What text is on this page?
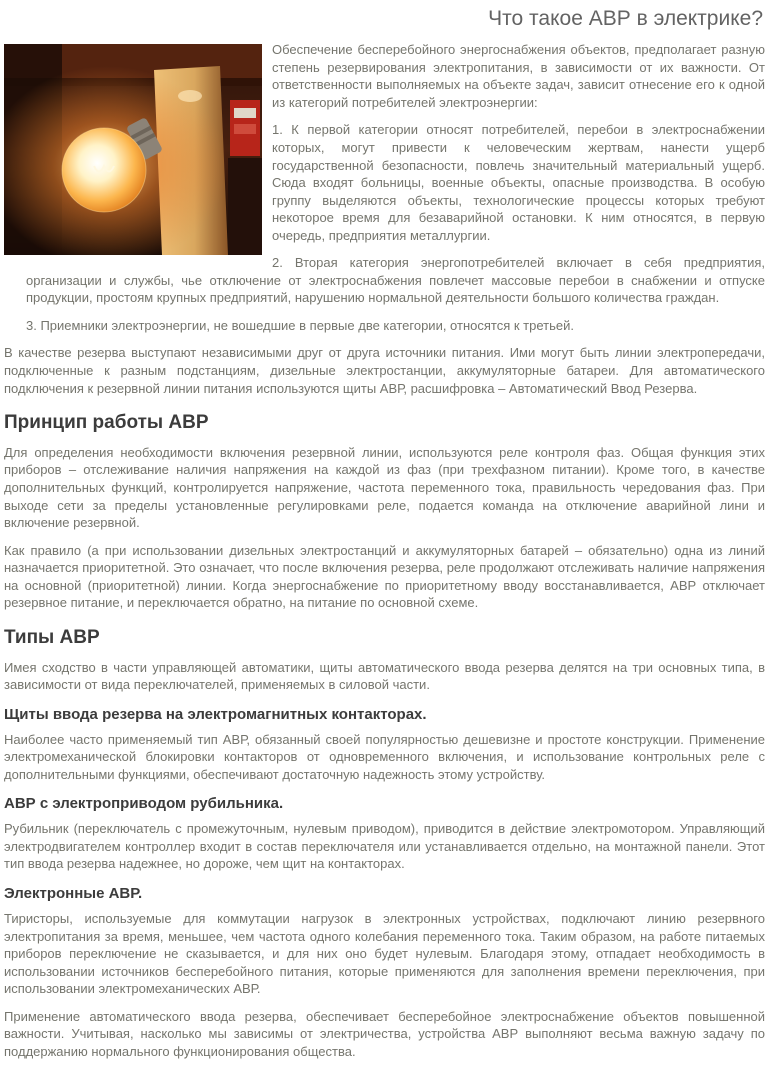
Что такое АВР в электрике?

Обеспечение бесперебойного энергоснабжения объектов, предполагает разную степень резервирования электропитания, в зависимости от их важности. От ответственности выполняемых на объекте задач, зависит отнесение его к одной из категорий потребителей электроэнергии:

1. К первой категории относят потребителей, перебои в электроснабжении которых, могут привести к человеческим жертвам, нанести ущерб государственной безопасности, повлечь значительный материальный ущерб. Сюда входят больницы, военные объекты, опасные производства. В особую группу выделяются объекты, технологические процессы которых требуют некоторое время для безаварийной остановки. К ним относятся, в первую очередь, предприятия металлургии.

2. Вторая категория энергопотребителей включает в себя предприятия, организации и службы, чье отключение от электроснабжения повлечет массовые перебои в снабжении и отпуске продукции, простоям крупных предприятий, нарушению нормальной деятельности большого количества граждан.

3. Приемники электроэнергии, не вошедшие в первые две категории, относятся к третьей.

В качестве резерва выступают независимыми друг от друга источники питания. Ими могут быть линии электропередачи, подключенные к разным подстанциям, дизельные электростанции, аккумуляторные батареи. Для автоматического подключения к резервной линии питания используются щиты АВР, расшифровка – Автоматический Ввод Резерва.

Принцип работы АВР

Для определения необходимости включения резервной линии, используются реле контроля фаз. Общая функция этих приборов – отслеживание наличия напряжения на каждой из фаз (при трехфазном питании). Кроме того, в качестве дополнительных функций, контролируется напряжение, частота переменного тока, правильность чередования фаз. При выходе сети за пределы установленные регулировками реле, подается команда на отключение аварийной лини и включение резервной.

Как правило (а при использовании дизельных электростанций и аккумуляторных батарей – обязательно) одна из линий назначается приоритетной. Это означает, что после включения резерва, реле продолжают отслеживать наличие напряжения на основной (приоритетной) линии. Когда энергоснабжение по приоритетному вводу восстанавливается, АВР отключает резервное питание, и переключается обратно, на питание по основной схеме.

Типы АВР

Имея сходство в части управляющей автоматики, щиты автоматического ввода резерва делятся на три основных типа, в зависимости от вида переключателей, применяемых в силовой части.

Щиты ввода резерва на электромагнитных контакторах.

Наиболее часто применяемый тип АВР, обязанный своей популярностью дешевизне и простоте конструкции. Применение электромеханической блокировки контакторов от одновременного включения, и использование контрольных реле с дополнительными функциями, обеспечивают достаточную надежность этому устройству.

АВР с электроприводом рубильника.

Рубильник (переключатель с промежуточным, нулевым приводом), приводится в действие электромотором. Управляющий электродвигателем контроллер входит в состав переключателя или устанавливается отдельно, на монтажной панели. Этот тип ввода резерва надежнее, но дороже, чем щит на контакторах.

Электронные АВР.

Тиристоры, используемые для коммутации нагрузок в электронных устройствах, подключают линию резервного электропитания за время, меньшее, чем частота одного колебания переменного тока. Таким образом, на работе питаемых приборов переключение не сказывается, и для них оно будет нулевым. Благодаря этому, отпадает необходимость в использовании источников бесперебойного питания, которые применяются для заполнения времени переключения, при использовании электромеханических АВР.

Применение автоматического ввода резерва, обеспечивает бесперебойное электроснабжение объектов повышенной важности. Учитывая, насколько мы зависимы от электричества, устройства АВР выполняют весьма важную задачу по поддержанию нормального функционирования общества.
